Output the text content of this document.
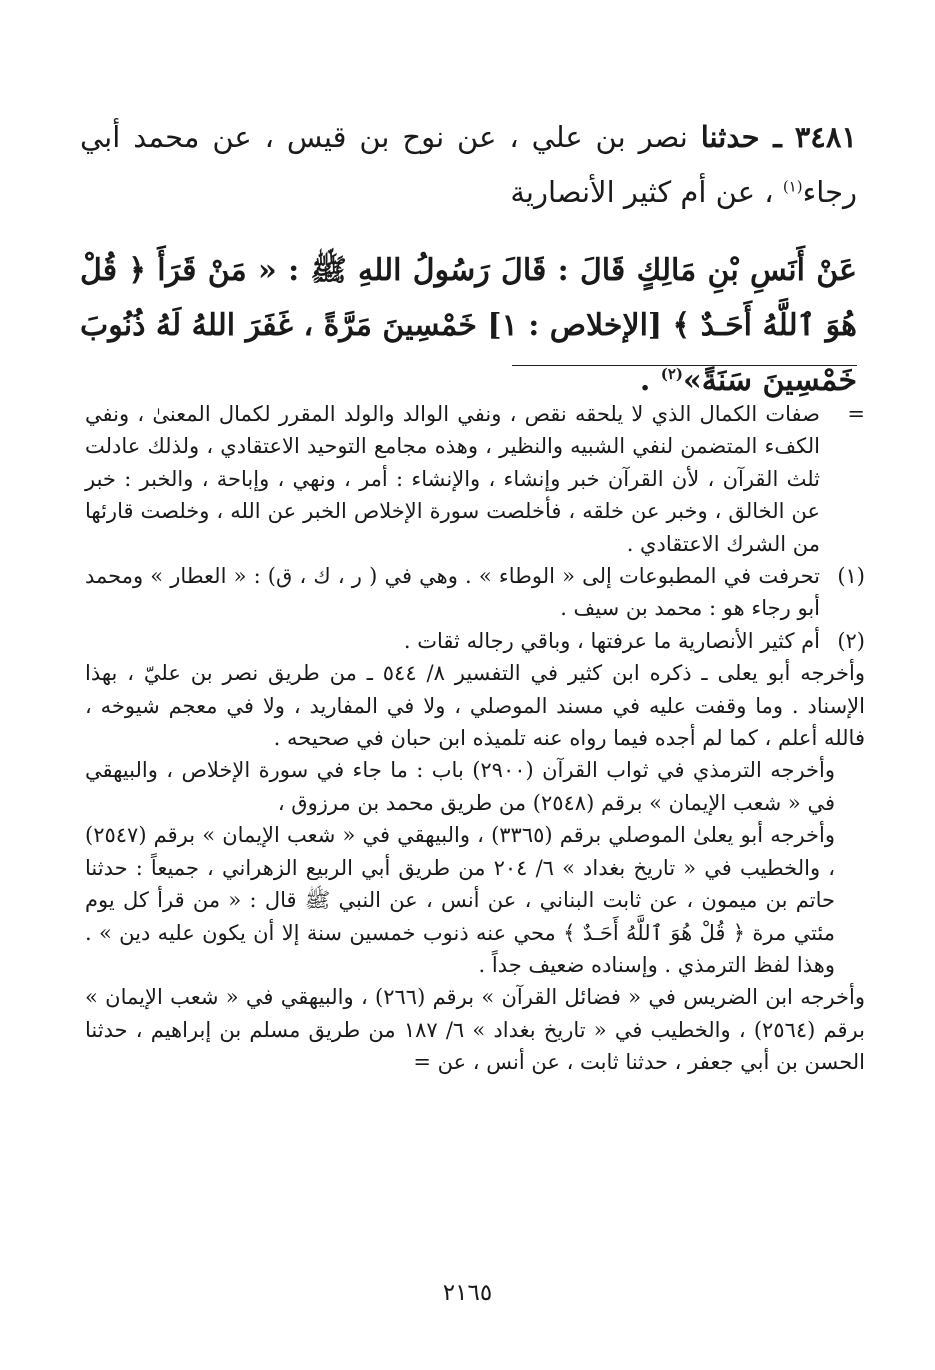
٣٤٨١ ـ حدثنا نصر بن علي ، عن نوح بن قيس ، عن محمد أبي رجاء$^{(١)}$ ، عن أم كثير الأنصارية
عَنْ أَنَسِ بْنِ مَالِكٍ قَالَ : قَالَ رَسُولُ اللهِ ﷺ : « مَنْ قَرَأَ ﴿ قُلْ هُوَ ٱللَّهُ أَحَـدٌ ﴾ [الإخلاص : ١] خَمْسِينَ مَرَّةً ، غَفَرَ اللهُ لَهُ ذُنُوبَ خَمْسِينَ سَنَةً»$^{(٢)}$ .
=
صفات الكمال الذي لا يلحقه نقص ، ونفي الوالد والولد المقرر لكمال المعنىٰ ، ونفي الكفء المتضمن لنفي الشبيه والنظير ، وهذه مجامع التوحيد الاعتقادي ، ولذلك عادلت ثلث القرآن ، لأن القرآن خبر وإنشاء ، والإنشاء : أمر ، ونهي ، وإباحة ، والخبر : خبر عن الخالق ، وخبر عن خلقه ، فأخلصت سورة الإخلاص الخبر عن الله ، وخلصت قارئها من الشرك الاعتقادي .
(١)
تحرفت في المطبوعات إلى « الوطاء » . وهي في ( ر ، ك ، ق) : « العطار » ومحمد أبو رجاء هو : محمد بن سيف .
(٢)
أم كثير الأنصارية ما عرفتها ، وباقي رجاله ثقات .
وأخرجه أبو يعلى ـ ذكره ابن كثير في التفسير ٨/ ٥٤٤ ـ من طريق نصر بن عليّ ، بهذا الإسناد . وما وقفت عليه في مسند الموصلي ، ولا في المفاريد ، ولا في معجم شيوخه ، فالله أعلم ، كما لم أجده فيما رواه عنه تلميذه ابن حبان في صحيحه .
وأخرجه الترمذي في ثواب القرآن (٢٩٠٠) باب : ما جاء في سورة الإخلاص ، والبيهقي في « شعب الإيمان » برقم (٢٥٤٨) من طريق محمد بن مرزوق ،
وأخرجه أبو يعلىٰ الموصلي برقم (٣٣٦٥) ، والبيهقي في « شعب الإيمان » برقم (٢٥٤٧) ، والخطيب في « تاريخ بغداد » ٦/ ٢٠٤ من طريق أبي الربيع الزهراني ، جميعاً : حدثنا حاتم بن ميمون ، عن ثابت البناني ، عن أنس ، عن النبي ﷺ قال : « من قرأ كل يوم مئتي مرة ﴿ قُلْ هُوَ ٱللَّهُ أَحَـدٌ ﴾ محي عنه ذنوب خمسين سنة إلا أن يكون عليه دين » . وهذا لفظ الترمذي . وإسناده ضعيف جداً .
وأخرجه ابن الضريس في « فضائل القرآن » برقم (٢٦٦) ، والبيهقي في « شعب الإيمان » برقم (٢٥٦٤) ، والخطيب في « تاريخ بغداد » ٦/ ١٨٧ من طريق مسلم بن إبراهيم ، حدثنا الحسن بن أبي جعفر ، حدثنا ثابت ، عن أنس ، عن =
٢١٦٥
